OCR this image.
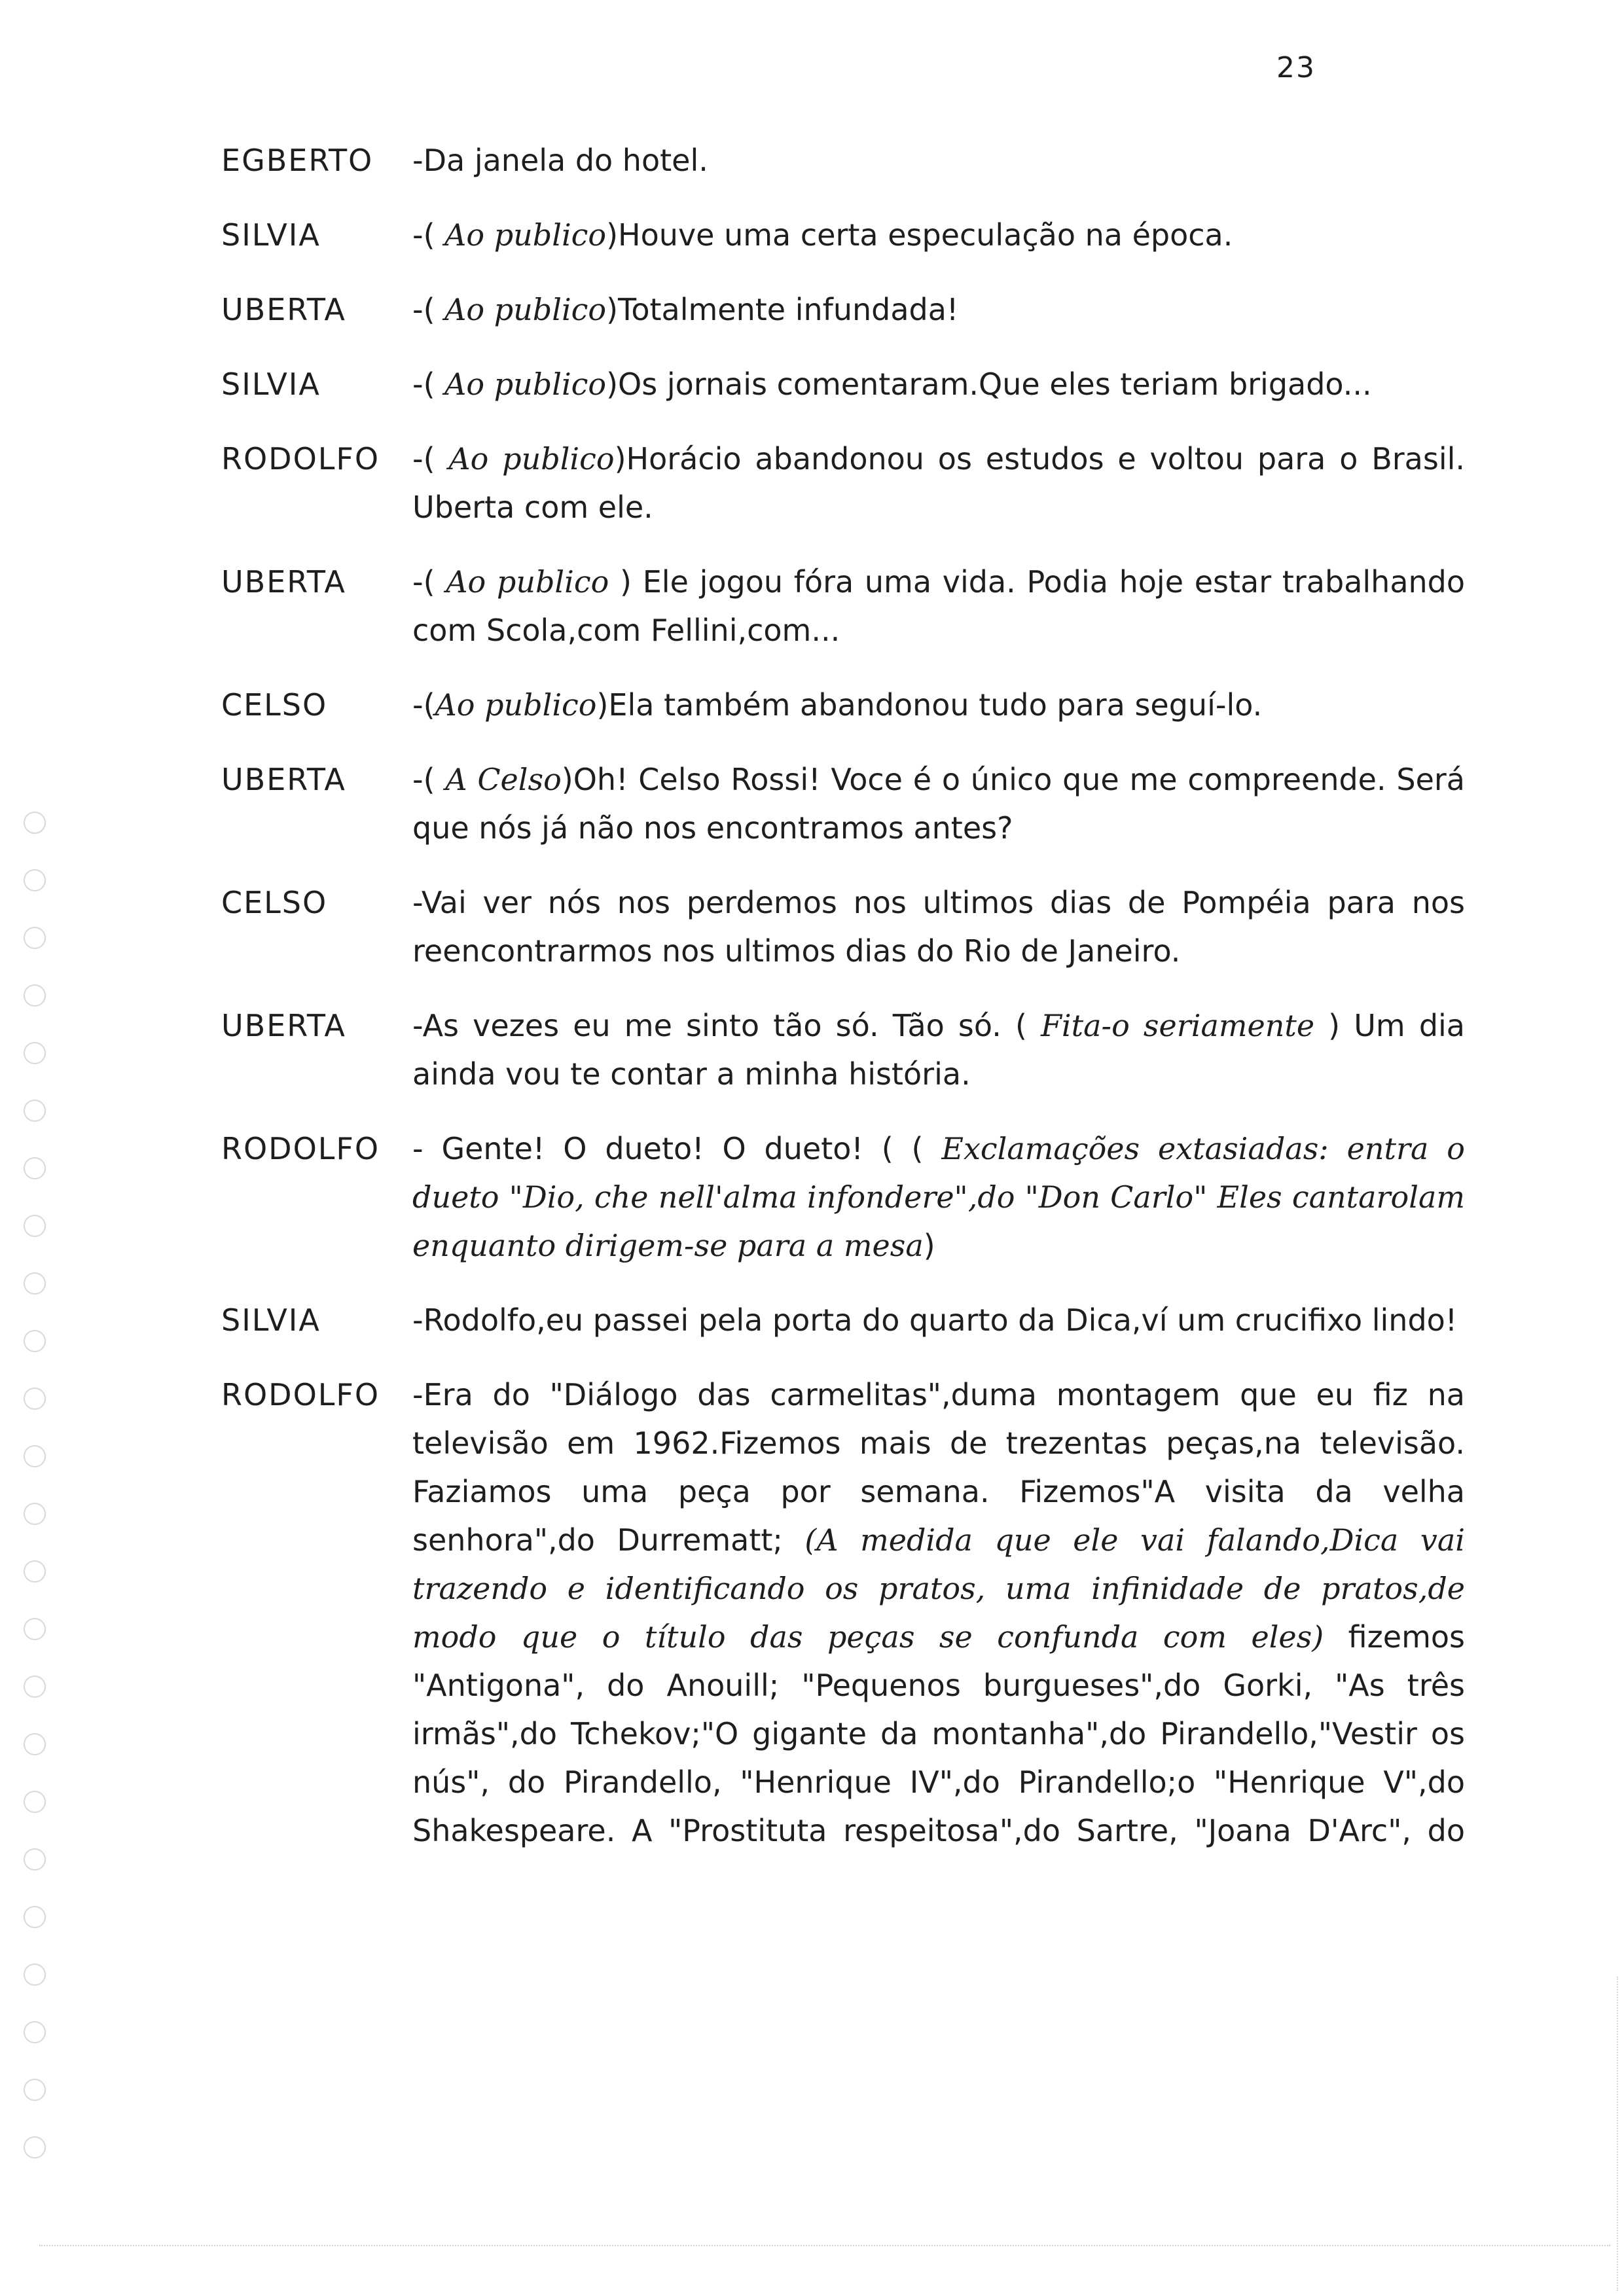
23
EGBERTO	-Da janela do hotel.
SILVIA	-( Ao publico)Houve uma certa especulação na época.
UBERTA	-( Ao publico)Totalmente infundada!
SILVIA	-( Ao publico)Os jornais comentaram.Que eles teriam brigado...
RODOLFO	-( Ao publico)Horácio abandonou os estudos e voltou para o Brasil. Uberta com ele.
UBERTA	-( Ao publico ) Ele jogou fóra uma vida. Podia hoje estar trabalhando com Scola,com Fellini,com...
CELSO	-(Ao publico)Ela também abandonou tudo para seguí-lo.
UBERTA	-( A Celso)Oh! Celso Rossi! Voce é o único que me compreende. Será que nós já não nos encontramos antes?
CELSO	-Vai ver nós nos perdemos nos ultimos dias de Pompéia para nos reencontrarmos nos ultimos dias do Rio de Janeiro.
UBERTA	-As vezes eu me sinto tão só. Tão só. ( Fita-o seriamente ) Um dia ainda vou te contar a minha história.
RODOLFO	- Gente! O dueto! O dueto! ( ( Exclamações extasiadas: entra o dueto "Dio, che nell'alma infondere",do "Don Carlo" Eles cantarolam enquanto dirigem-se para a mesa)
SILVIA	-Rodolfo,eu passei pela porta do quarto da Dica,ví um crucifixo lindo!
RODOLFO	-Era do "Diálogo das carmelitas",duma montagem que eu fiz na televisão em 1962.Fizemos mais de trezentas peças,na televisão. Faziamos uma peça por semana. Fizemos"A visita da velha senhora",do Durrematt; (A medida que ele vai falando,Dica vai trazendo e identificando os pratos, uma infinidade de pratos,de modo que o título das peças se confunda com eles) fizemos "Antigona", do Anouill; "Pequenos burgueses",do Gorki, "As três irmãs",do Tchekov;"O gigante da montanha",do Pirandello,"Vestir os nús", do Pirandello, "Henrique IV",do Pirandello;o "Henrique V",do Shakespeare. A "Prostituta respeitosa",do Sartre, "Joana D'Arc", do
